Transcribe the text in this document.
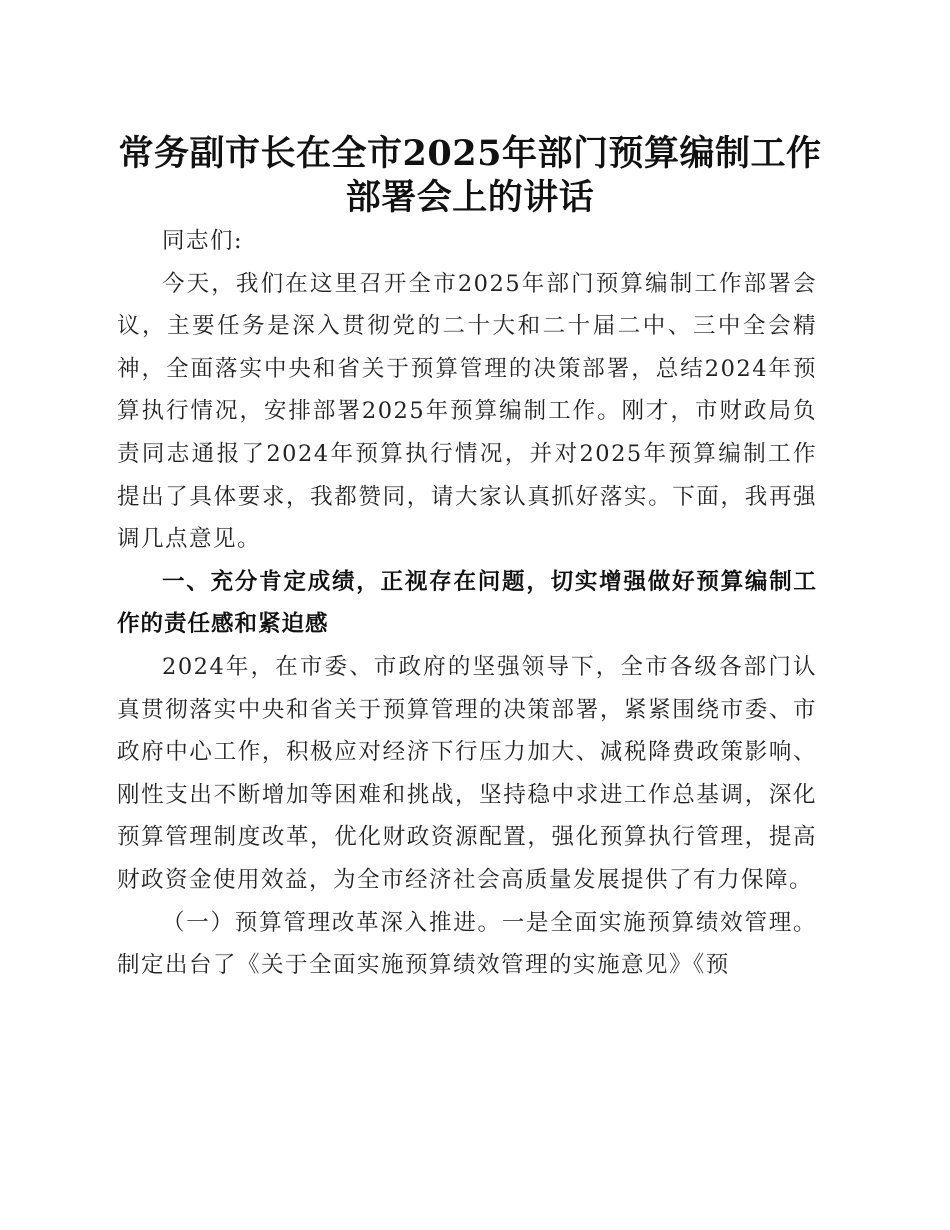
常务副市长在全市2025年部门预算编制工作部署会上的讲话

同志们:

今天，我们在这里召开全市2025年部门预算编制工作部署会议，主要任务是深入贯彻党的二十大和二十届二中、三中全会精神，全面落实中央和省关于预算管理的决策部署，总结2024年预算执行情况，安排部署2025年预算编制工作。刚才，市财政局负责同志通报了2024年预算执行情况，并对2025年预算编制工作提出了具体要求，我都赞同，请大家认真抓好落实。下面，我再强调几点意见。

一、充分肯定成绩，正视存在问题，切实增强做好预算编制工作的责任感和紧迫感

2024年，在市委、市政府的坚强领导下，全市各级各部门认真贯彻落实中央和省关于预算管理的决策部署，紧紧围绕市委、市政府中心工作，积极应对经济下行压力加大、减税降费政策影响、刚性支出不断增加等困难和挑战，坚持稳中求进工作总基调，深化预算管理制度改革，优化财政资源配置，强化预算执行管理，提高财政资金使用效益，为全市经济社会高质量发展提供了有力保障。

（一）预算管理改革深入推进。一是全面实施预算绩效管理。制定出台了《关于全面实施预算绩效管理的实施意见》《预
